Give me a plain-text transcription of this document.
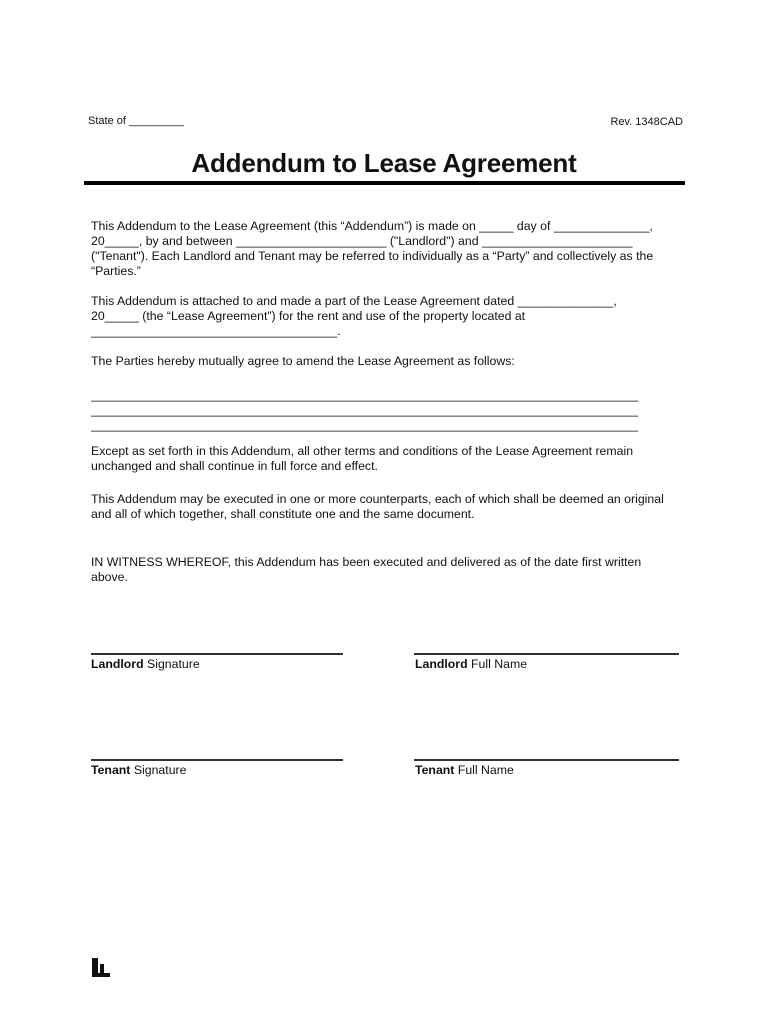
State of _________	Rev. 1348CAD
Addendum to Lease Agreement

This Addendum to the Lease Agreement (this “Addendum”) is made on _____ day of ______________,

20_____, by and between ______________________ ("Landlord") and ______________________

("Tenant"). Each Landlord and Tenant may be referred to individually as a “Party” and collectively as the

“Parties.”

This Addendum is attached to and made a part of the Lease Agreement dated ______________,

20_____ (the “Lease Agreement”) for the rent and use of the property located at

____________________________________.

The Parties hereby mutually agree to amend the Lease Agreement as follows:

________________________________________________________________________________

________________________________________________________________________________

________________________________________________________________________________

Except as set forth in this Addendum, all other terms and conditions of the Lease Agreement remain

unchanged and shall continue in full force and effect.

This Addendum may be executed in one or more counterparts, each of which shall be deemed an original

and all of which together, shall constitute one and the same document.

IN WITNESS WHEREOF, this Addendum has been executed and delivered as of the date first written

above.

Landlord Signature	Landlord Full Name
Tenant Signature	Tenant Full Name
